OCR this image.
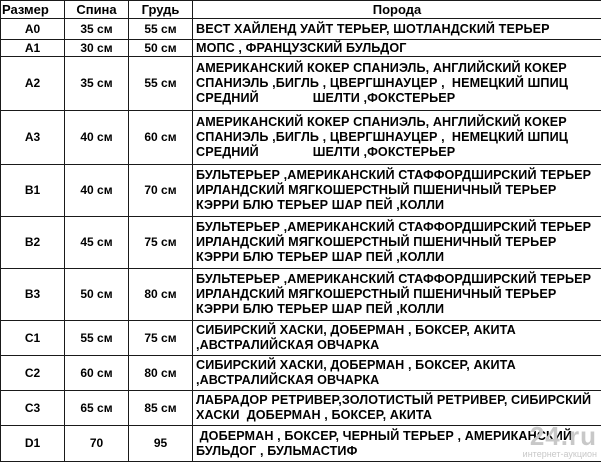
Размер	Спина	Грудь	Порода
A0	35 см	55 см	ВЕСТ ХАЙЛЕНД УАЙТ ТЕРЬЕР, ШОТЛАНДСКИЙ ТЕРЬЕР
A1	30 см	50 см	МОПС , ФРАНЦУЗСКИЙ БУЛЬДОГ
A2	35 см	55 см	АМЕРИКАНСКИЙ КОКЕР СПАНИЭЛЬ, АНГЛИЙСКИЙ КОКЕР
СПАНИЭЛЬ ,БИГЛЬ , ЦВЕРГШНАУЦЕР ,  НЕМЕЦКИЙ ШПИЦ
СРЕДНИЙ               ШЕЛТИ ,ФОКСТЕРЬЕР
A3	40 см	60 см	АМЕРИКАНСКИЙ КОКЕР СПАНИЭЛЬ, АНГЛИЙСКИЙ КОКЕР
СПАНИЭЛЬ ,БИГЛЬ , ЦВЕРГШНАУЦЕР ,  НЕМЕЦКИЙ ШПИЦ
СРЕДНИЙ               ШЕЛТИ ,ФОКСТЕРЬЕР
B1	40 см	70 см	БУЛЬТЕРЬЕР ,АМЕРИКАНСКИЙ СТАФФОРДШИРСКИЙ ТЕРЬЕР
ИРЛАНДСКИЙ МЯГКОШЕРСТНЫЙ ПШЕНИЧНЫЙ ТЕРЬЕР
КЭРРИ БЛЮ ТЕРЬЕР ШАР ПЕЙ ,КОЛЛИ
B2	45 см	75 см	БУЛЬТЕРЬЕР ,АМЕРИКАНСКИЙ СТАФФОРДШИРСКИЙ ТЕРЬЕР
ИРЛАНДСКИЙ МЯГКОШЕРСТНЫЙ ПШЕНИЧНЫЙ ТЕРЬЕР
КЭРРИ БЛЮ ТЕРЬЕР ШАР ПЕЙ ,КОЛЛИ
B3	50 см	80 см	БУЛЬТЕРЬЕР ,АМЕРИКАНСКИЙ СТАФФОРДШИРСКИЙ ТЕРЬЕР
ИРЛАНДСКИЙ МЯГКОШЕРСТНЫЙ ПШЕНИЧНЫЙ ТЕРЬЕР
КЭРРИ БЛЮ ТЕРЬЕР ШАР ПЕЙ ,КОЛЛИ
C1	55 см	75 см	СИБИРСКИЙ ХАСКИ, ДОБЕРМАН , БОКСЕР, АКИТА
,АВСТРАЛИЙСКАЯ ОВЧАРКА
C2	60 см	80 см	СИБИРСКИЙ ХАСКИ, ДОБЕРМАН , БОКСЕР, АКИТА
,АВСТРАЛИЙСКАЯ ОВЧАРКА
C3	65 см	85 см	ЛАБРАДОР РЕТРИВЕР,ЗОЛОТИСТЫЙ РЕТРИВЕР, СИБИРСКИЙ
ХАСКИ  ДОБЕРМАН , БОКСЕР, АКИТА
D1	70	95	ДОБЕРМАН , БОКСЕР, ЧЕРНЫЙ ТЕРЬЕР , АМЕРИКАНСКИЙ
БУЛЬДОГ , БУЛЬМАСТИФ	24.ru
интернет-аукцион
